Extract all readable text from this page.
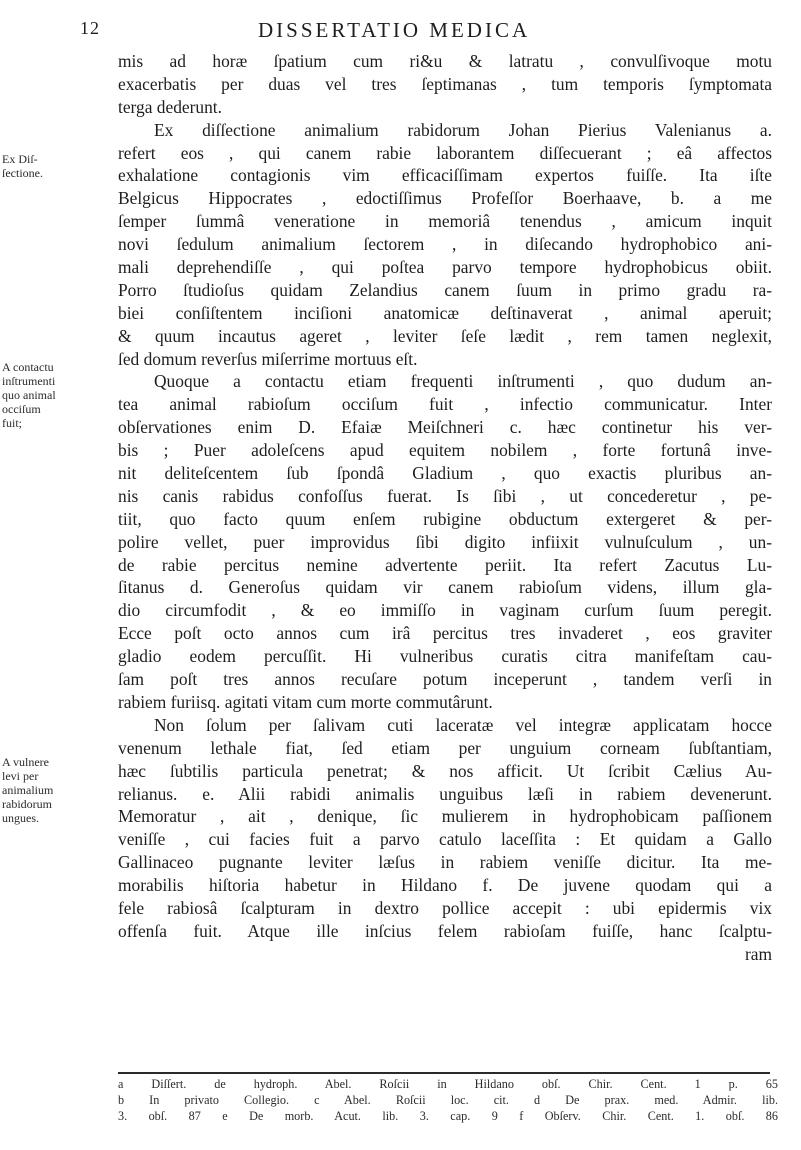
12	DISSERTATIO MEDICA
Ex Diſ-
ſectione.
A contactu
inſtrumenti
quo animal
occiſum
fuit;
A vulnere
levi per
animalium
rabidorum
ungues.
mis ad horæ ſpatium cum ri&u & latratu , convulſivoque motu
exacerbatis per duas vel tres ſeptimanas , tum temporis ſymptomata
terga dederunt.
Ex diſſectione animalium rabidorum Johan Pierius Valenianus a.
refert eos , qui canem rabie laborantem diſſecuerant ; eâ affectos
exhalatione contagionis vim efficaciſſimam expertos fuiſſe. Ita iſte
Belgicus Hippocrates , edoctiſſimus Profeſſor Boerhaave, b. a me
ſemper ſummâ veneratione in memoriâ tenendus , amicum inquit
novi ſedulum animalium ſectorem , in diſecando hydrophobico ani-
mali deprehendiſſe , qui poſtea parvo tempore hydrophobicus obiit.
Porro ſtudioſus quidam Zelandius canem ſuum in primo gradu ra-
biei conſiſtentem inciſioni anatomicæ deſtinaverat , animal aperuit;
& quum incautus ageret , leviter ſeſe lædit , rem tamen neglexit,
ſed domum reverſus miſerrime mortuus eſt.
Quoque a contactu etiam frequenti inſtrumenti , quo dudum an-
tea animal rabioſum occiſum fuit , infectio communicatur. Inter
obſervationes enim D. Efaiæ Meiſchneri c. hæc continetur his ver-
bis ; Puer adoleſcens apud equitem nobilem , forte fortunâ inve-
nit deliteſcentem ſub ſpondâ Gladium , quo exactis pluribus an-
nis canis rabidus confoſſus fuerat. Is ſibi , ut concederetur , pe-
tiit, quo facto quum enſem rubigine obductum extergeret & per-
polire vellet, puer improvidus ſibi digito infiixit vulnuſculum , un-
de rabie percitus nemine advertente periit. Ita refert Zacutus Lu-
ſitanus d. Generoſus quidam vir canem rabioſum videns, illum gla-
dio circumfodit , & eo immiſſo in vaginam curſum ſuum peregit.
Ecce poſt octo annos cum irâ percitus tres invaderet , eos graviter
gladio eodem percuſſit. Hi vulneribus curatis citra manifeſtam cau-
ſam poſt tres annos recuſare potum inceperunt , tandem verſi in
rabiem furiisq. agitati vitam cum morte commutârunt.
Non ſolum per ſalivam cuti laceratæ vel integræ applicatam hocce
venenum lethale fiat, ſed etiam per unguium corneam ſubſtantiam,
hæc ſubtilis particula penetrat; & nos afficit. Ut ſcribit Cælius Au-
relianus. e. Alii rabidi animalis unguibus læſi in rabiem devenerunt.
Memoratur , ait , denique, ſic mulierem in hydrophobicam paſſionem
veniſſe , cui facies fuit a parvo catulo laceſſita : Et quidam a Gallo
Gallinaceo pugnante leviter læſus in rabiem veniſſe dicitur. Ita me-
morabilis hiſtoria habetur in Hildano f. De juvene quodam qui a
fele rabiosâ ſcalpturam in dextro pollice accepit : ubi epidermis vix
offenſa fuit. Atque ille inſcius felem rabioſam fuiſſe, hanc ſcalptu-
ram
a Diſſert. de hydroph. Abel. Roſcii in Hildano obſ. Chir. Cent. 1 p. 65
b In privato Collegio. c Abel. Roſcii loc. cit. d De prax. med. Admir. lib.
3. obſ. 87 e De morb. Acut. lib. 3. cap. 9 f Obſerv. Chir. Cent. 1. obſ. 86
